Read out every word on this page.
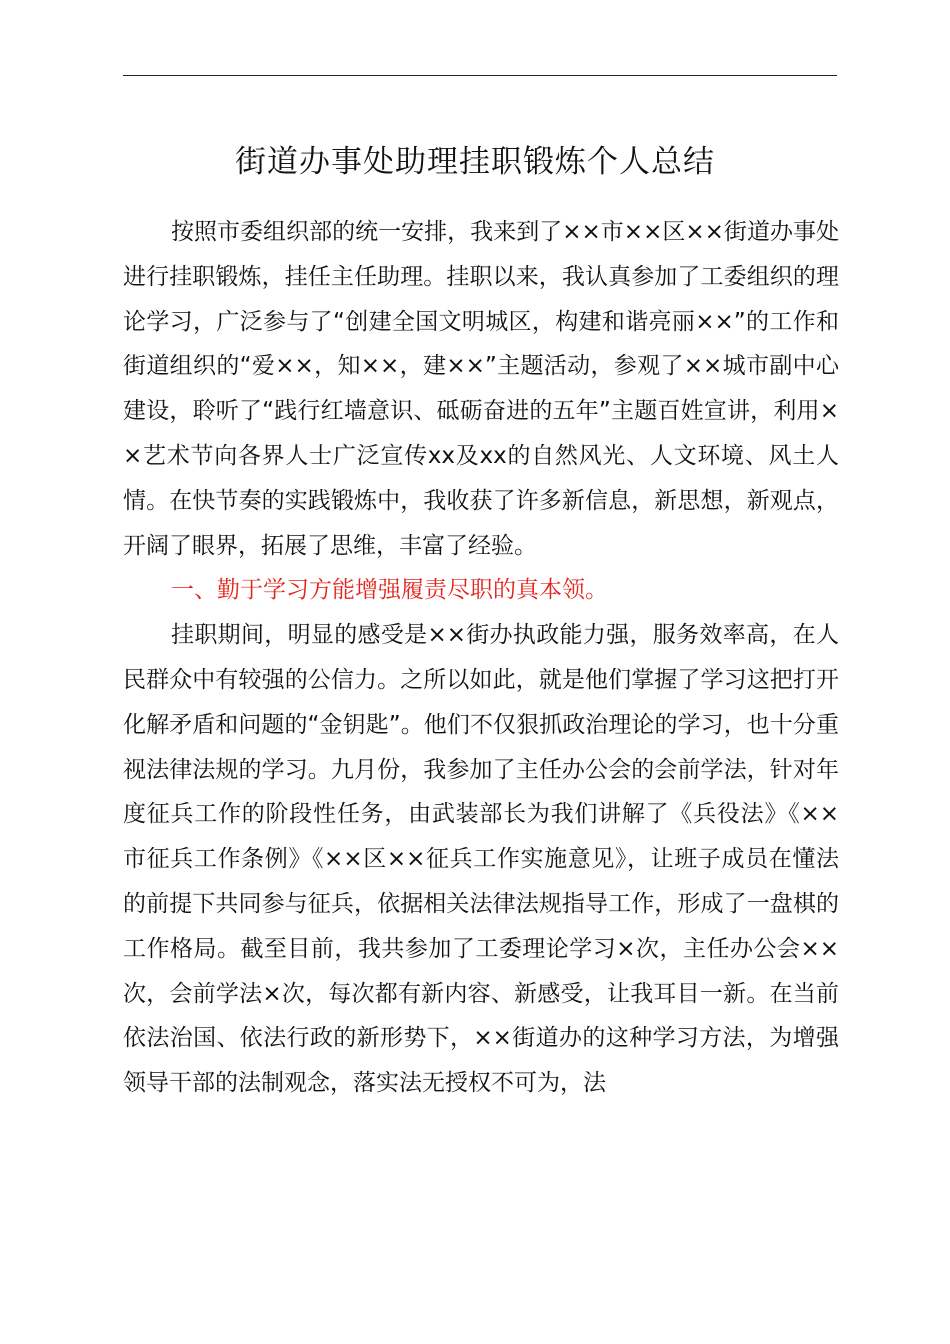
街道办事处助理挂职锻炼个人总结

按照市委组织部的统一安排，我来到了××市××区××街道办事处进行挂职锻炼，挂任主任助理。挂职以来，我认真参加了工委组织的理论学习，广泛参与了“创建全国文明城区，构建和谐亮丽××”的工作和街道组织的“爱××，知××，建××”主题活动，参观了××城市副中心建设，聆听了“践行红墙意识、砥砺奋进的五年”主题百姓宣讲，利用××艺术节向各界人士广泛宣传xx及xx的自然风光、人文环境、风土人情。在快节奏的实践锻炼中，我收获了许多新信息，新思想，新观点，开阔了眼界，拓展了思维，丰富了经验。

一、勤于学习方能增强履责尽职的真本领。

挂职期间，明显的感受是××街办执政能力强，服务效率高，在人民群众中有较强的公信力。之所以如此，就是他们掌握了学习这把打开化解矛盾和问题的“金钥匙”。他们不仅狠抓政治理论的学习，也十分重视法律法规的学习。九月份，我参加了主任办公会的会前学法，针对年度征兵工作的阶段性任务，由武装部长为我们讲解了《兵役法》《××市征兵工作条例》《××区××征兵工作实施意见》，让班子成员在懂法的前提下共同参与征兵，依据相关法律法规指导工作，形成了一盘棋的工作格局。截至目前，我共参加了工委理论学习×次，主任办公会××次，会前学法×次，每次都有新内容、新感受，让我耳目一新。在当前依法治国、依法行政的新形势下，××街道办的这种学习方法，为增强领导干部的法制观念，落实法无授权不可为，法
